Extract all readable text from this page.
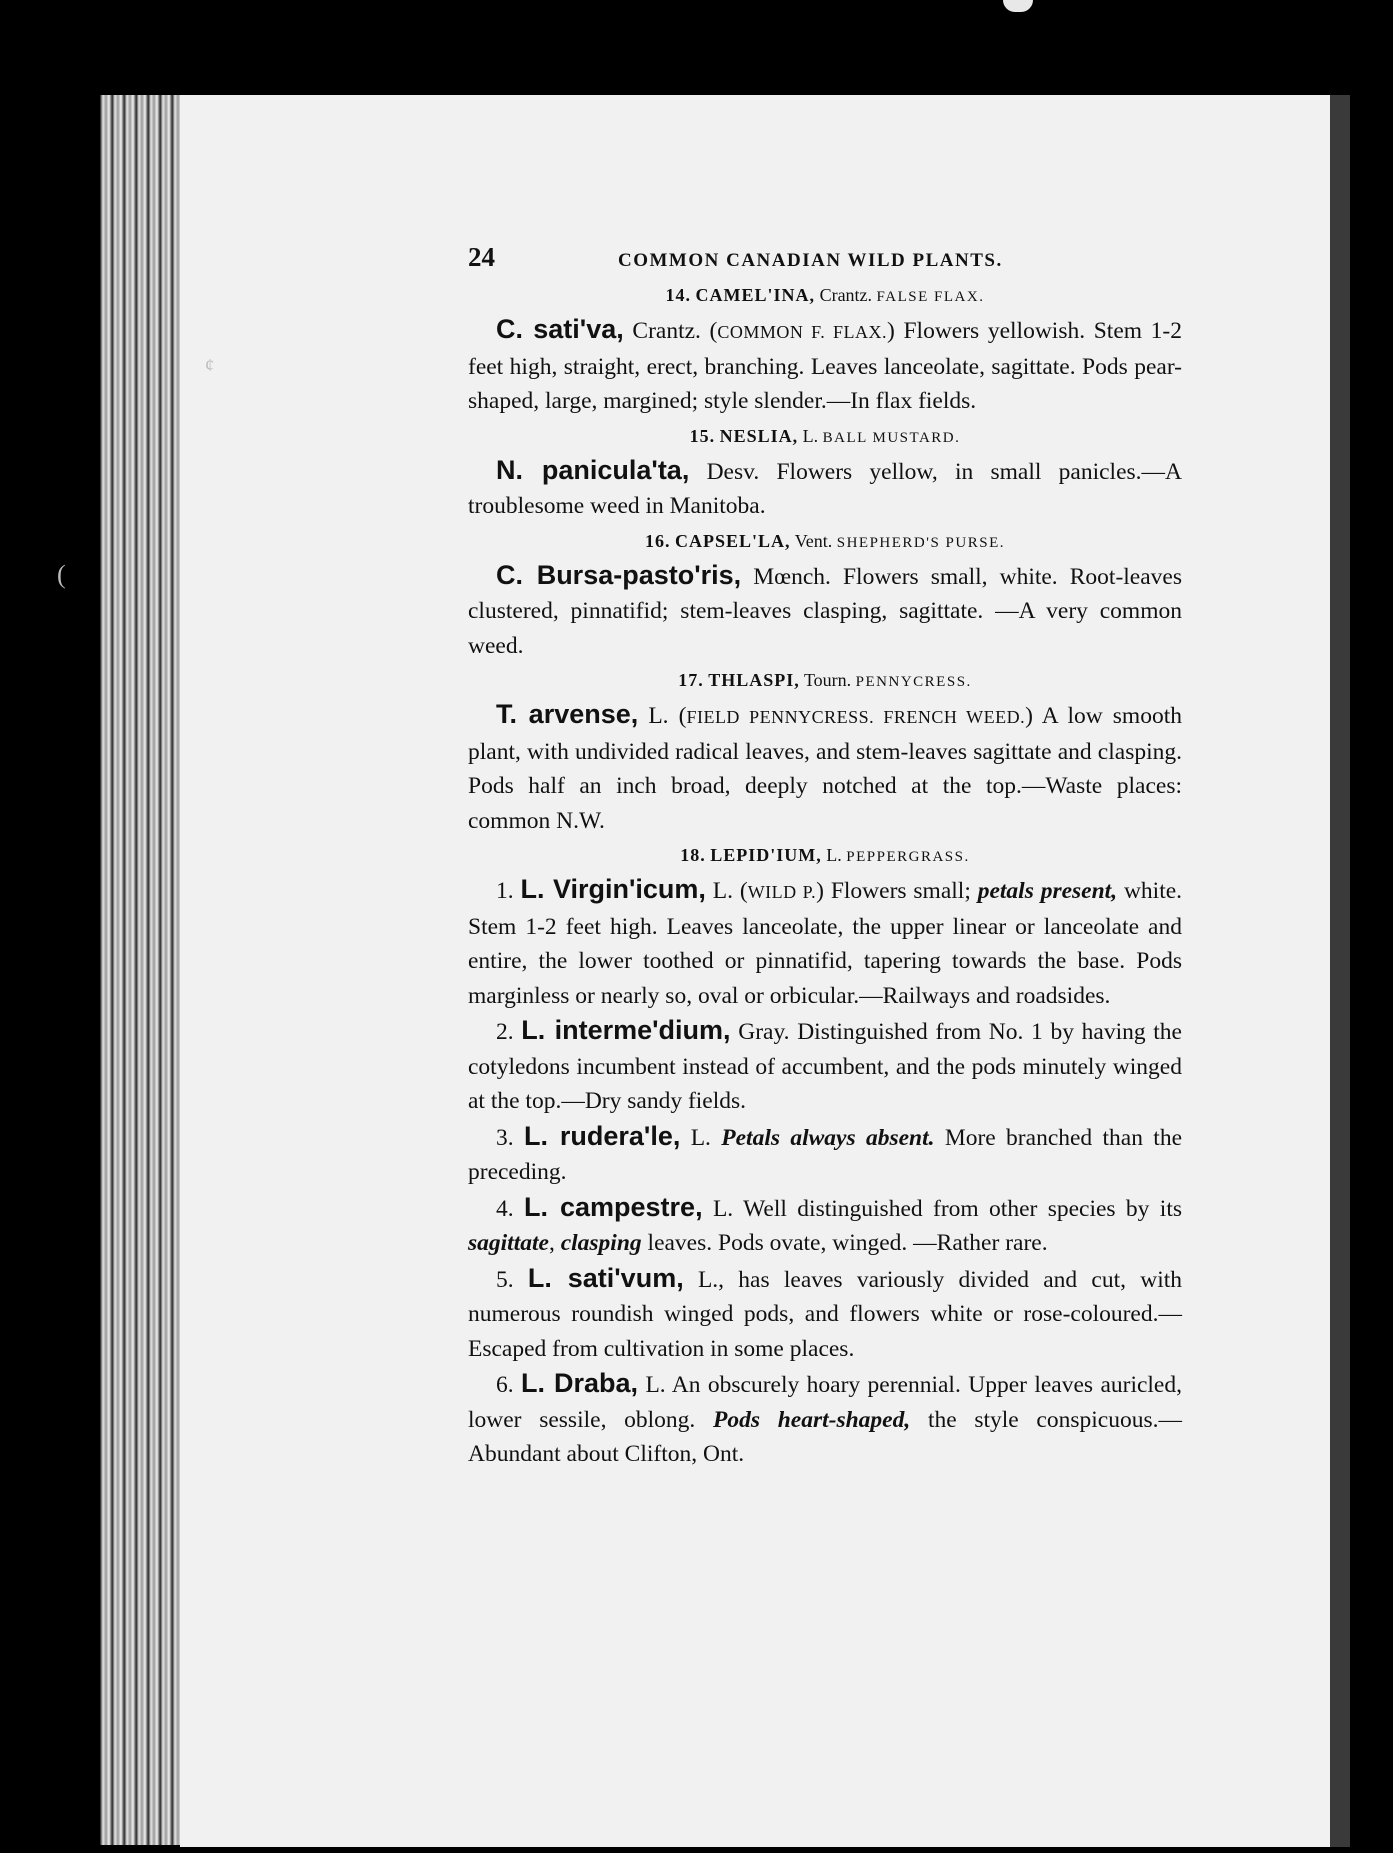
(
¢
24	COMMON CANADIAN WILD PLANTS.
14. CAMEL'INA, Crantz. FALSE FLAX.

C. sati'va, Crantz. (COMMON F. FLAX.) Flowers yellowish. Stem 1-2 feet high, straight, erect, branching. Leaves lanceolate, sagittate. Pods pear-shaped, large, margined; style slender.—In flax fields.

15. NESLIA, L. BALL MUSTARD.

N. panicula'ta, Desv. Flowers yellow, in small panicles.—A troublesome weed in Manitoba.

16. CAPSEL'LA, Vent. SHEPHERD'S PURSE.

C. Bursa-pasto'ris, Mœnch. Flowers small, white. Root-leaves clustered, pinnatifid; stem-leaves clasping, sagittate. —A very common weed.

17. THLASPI, Tourn. PENNYCRESS.

T. arvense, L. (FIELD PENNYCRESS. FRENCH WEED.) A low smooth plant, with undivided radical leaves, and stem-leaves sagittate and clasping. Pods half an inch broad, deeply notched at the top.—Waste places: common N.W.

18. LEPID'IUM, L. PEPPERGRASS.

1. L. Virgin'icum, L. (WILD P.) Flowers small; petals present, white. Stem 1-2 feet high. Leaves lanceolate, the upper linear or lanceolate and entire, the lower toothed or pinnatifid, tapering towards the base. Pods marginless or nearly so, oval or orbicular.—Railways and roadsides.

2. L. interme'dium, Gray. Distinguished from No. 1 by having the cotyledons incumbent instead of accumbent, and the pods minutely winged at the top.—Dry sandy fields.

3. L. rudera'le, L. Petals always absent. More branched than the preceding.

4. L. campestre, L. Well distinguished from other species by its sagittate, clasping leaves. Pods ovate, winged. —Rather rare.

5. L. sati'vum, L., has leaves variously divided and cut, with numerous roundish winged pods, and flowers white or rose-coloured.—Escaped from cultivation in some places.

6. L. Draba, L. An obscurely hoary perennial. Upper leaves auricled, lower sessile, oblong. Pods heart-shaped, the style conspicuous.—Abundant about Clifton, Ont.
